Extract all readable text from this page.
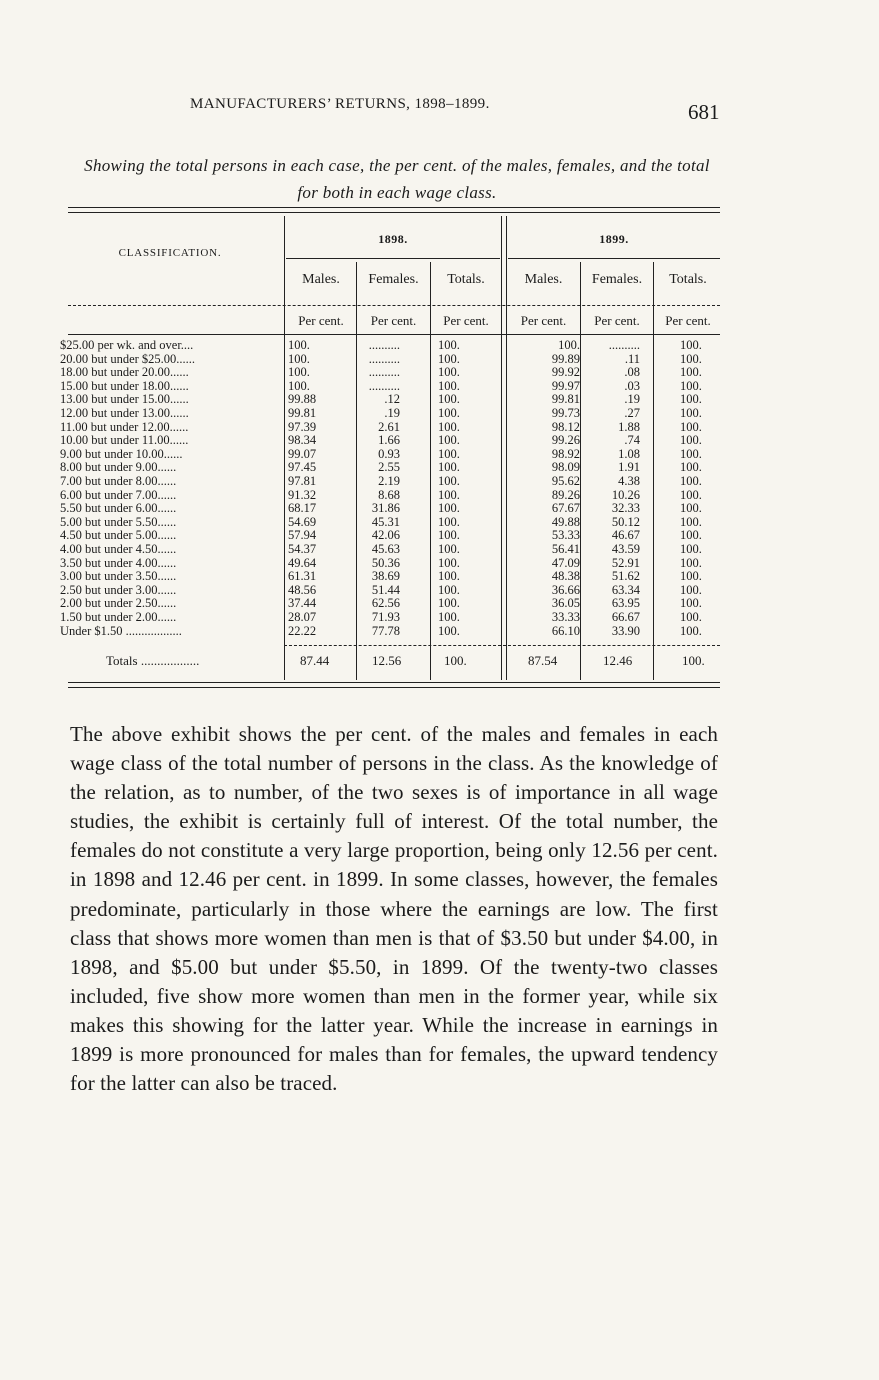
MANUFACTURERS’ RETURNS, 1898–1899.	681
Showing the total persons in each case, the per cent. of the males, females, and the total for both in each wage class.
CLASSIFICATION.
1898.	1899.
Males.	Females.	Totals.	Males.	Females.	Totals.
Per cent.	Per cent.	Per cent.	Per cent.	Per cent.	Per cent.
$25.00 per wk. and over....	100.	..........	100.	100.	..........	100.
20.00 but under $25.00......	100.	..........	100.	99.89	.11	100.
18.00 but under 20.00......	100.	..........	100.	99.92	.08	100.
15.00 but under 18.00......	100.	..........	100.	99.97	.03	100.
13.00 but under 15.00......	99.88	.12	100.	99.81	.19	100.
12.00 but under 13.00......	99.81	.19	100.	99.73	.27	100.
11.00 but under 12.00......	97.39	2.61	100.	98.12	1.88	100.
10.00 but under 11.00......	98.34	1.66	100.	99.26	.74	100.
9.00 but under 10.00......	99.07	0.93	100.	98.92	1.08	100.
8.00 but under 9.00......	97.45	2.55	100.	98.09	1.91	100.
7.00 but under 8.00......	97.81	2.19	100.	95.62	4.38	100.
6.00 but under 7.00......	91.32	8.68	100.	89.26	10.26	100.
5.50 but under 6.00......	68.17	31.86	100.	67.67	32.33	100.
5.00 but under 5.50......	54.69	45.31	100.	49.88	50.12	100.
4.50 but under 5.00......	57.94	42.06	100.	53.33	46.67	100.
4.00 but under 4.50......	54.37	45.63	100.	56.41	43.59	100.
3.50 but under 4.00......	49.64	50.36	100.	47.09	52.91	100.
3.00 but under 3.50......	61.31	38.69	100.	48.38	51.62	100.
2.50 but under 3.00......	48.56	51.44	100.	36.66	63.34	100.
2.00 but under 2.50......	37.44	62.56	100.	36.05	63.95	100.
1.50 but under 2.00......	28.07	71.93	100.	33.33	66.67	100.
Under $1.50 ..................	22.22	77.78	100.	66.10	33.90	100.
Totals ..................	87.44	12.56	100.	87.54	12.46	100.
The above exhibit shows the per cent. of the males and females in each wage class of the total number of persons in the class. As the knowledge of the relation, as to number, of the two sexes is of importance in all wage studies, the exhibit is certainly full of interest. Of the total number, the females do not constitute a very large proportion, being only 12.56 per cent. in 1898 and 12.46 per cent. in 1899. In some classes, however, the females predominate, particularly in those where the earnings are low. The first class that shows more women than men is that of $3.50 but under $4.00, in 1898, and $5.00 but under $5.50, in 1899. Of the twenty-two classes included, five show more women than men in the former year, while six makes this showing for the latter year. While the increase in earnings in 1899 is more pronounced for males than for females, the upward tendency for the latter can also be traced.
